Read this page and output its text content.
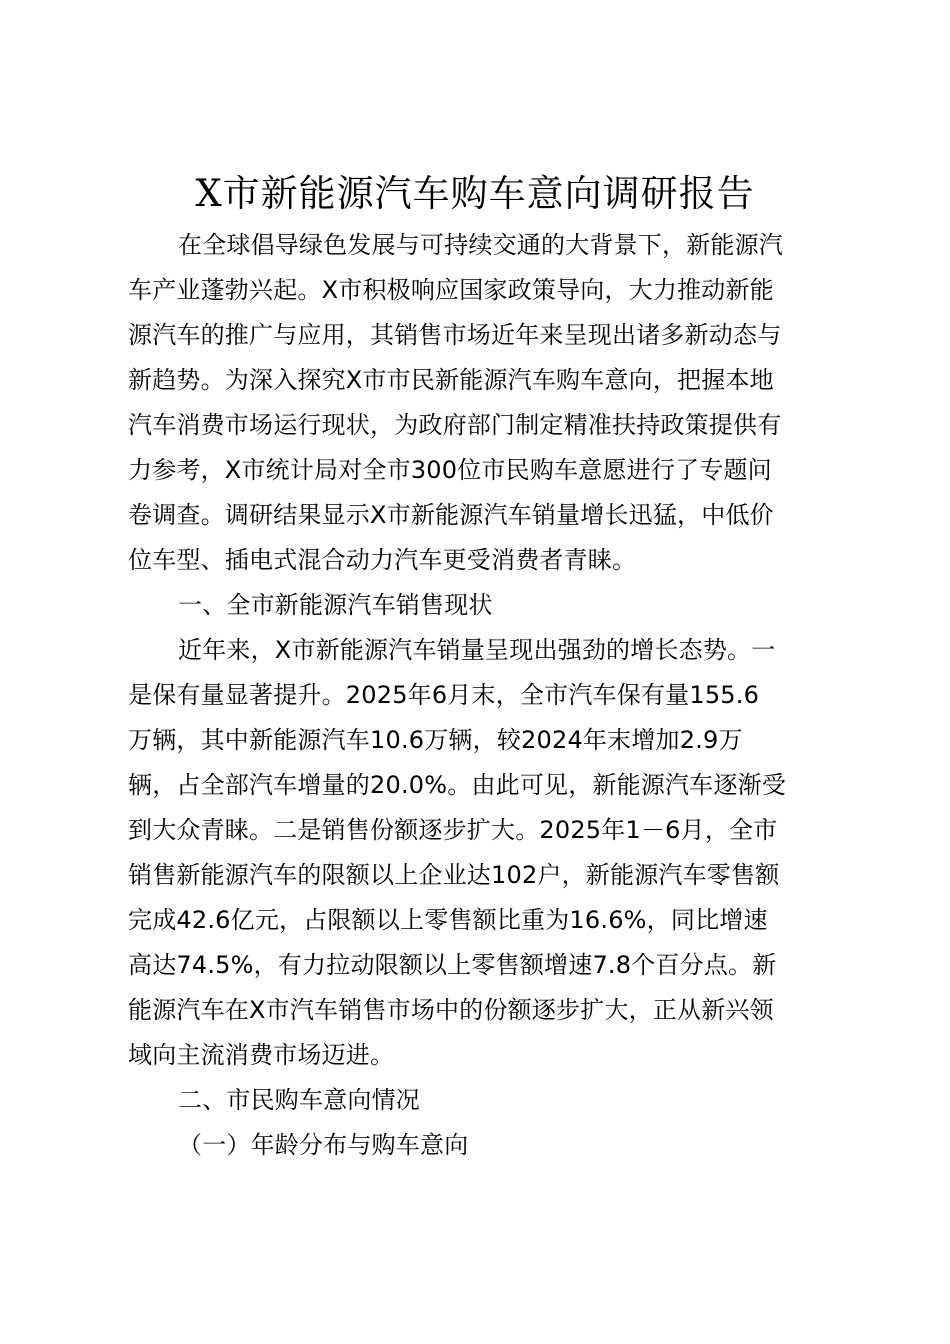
X市新能源汽车购车意向调研报告
在全球倡导绿色发展与可持续交通的大背景下，新能源汽
车产业蓬勃兴起。X市积极响应国家政策导向，大力推动新能
源汽车的推广与应用，其销售市场近年来呈现出诸多新动态与
新趋势。为深入探究X市市民新能源汽车购车意向，把握本地
汽车消费市场运行现状，为政府部门制定精准扶持政策提供有
力参考，X市统计局对全市300位市民购车意愿进行了专题问
卷调查。调研结果显示X市新能源汽车销量增长迅猛，中低价
位车型、插电式混合动力汽车更受消费者青睐。
一、全市新能源汽车销售现状
近年来，X市新能源汽车销量呈现出强劲的增长态势。一
是保有量显著提升。2025年6月末，全市汽车保有量155.6
万辆，其中新能源汽车10.6万辆，较2024年末增加2.9万
辆，占全部汽车增量的20.0%。由此可见，新能源汽车逐渐受
到大众青睐。二是销售份额逐步扩大。2025年1－6月，全市
销售新能源汽车的限额以上企业达102户，新能源汽车零售额
完成42.6亿元，占限额以上零售额比重为16.6%，同比增速
高达74.5%，有力拉动限额以上零售额增速7.8个百分点。新
能源汽车在X市汽车销售市场中的份额逐步扩大，正从新兴领
域向主流消费市场迈进。
二、市民购车意向情况
（一）年龄分布与购车意向
